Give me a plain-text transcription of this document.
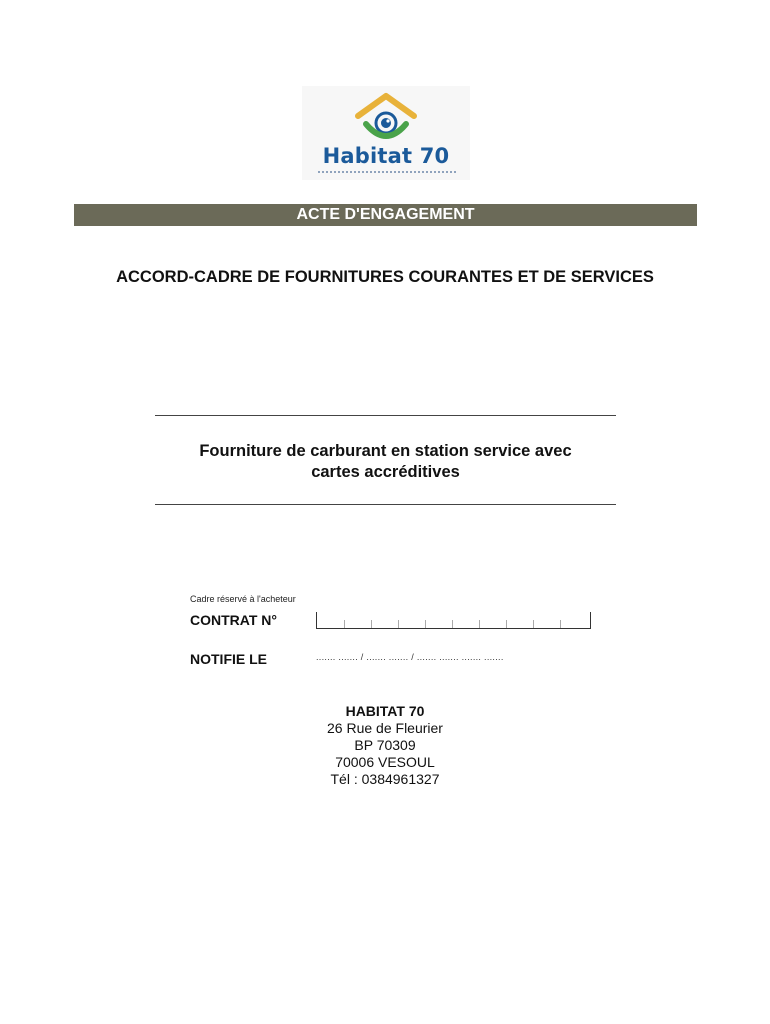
Habitat 70
ACTE D'ENGAGEMENT
ACCORD-CADRE DE FOURNITURES COURANTES ET DE SERVICES
Fourniture de carburant en station service avec
cartes accréditives
Cadre réservé à l'acheteur
CONTRAT N°
NOTIFIE LE	....... ....... / ....... ....... / ....... ....... ....... .......
HABITAT 70
26 Rue de Fleurier
BP 70309
70006 VESOUL
Tél : 0384961327
